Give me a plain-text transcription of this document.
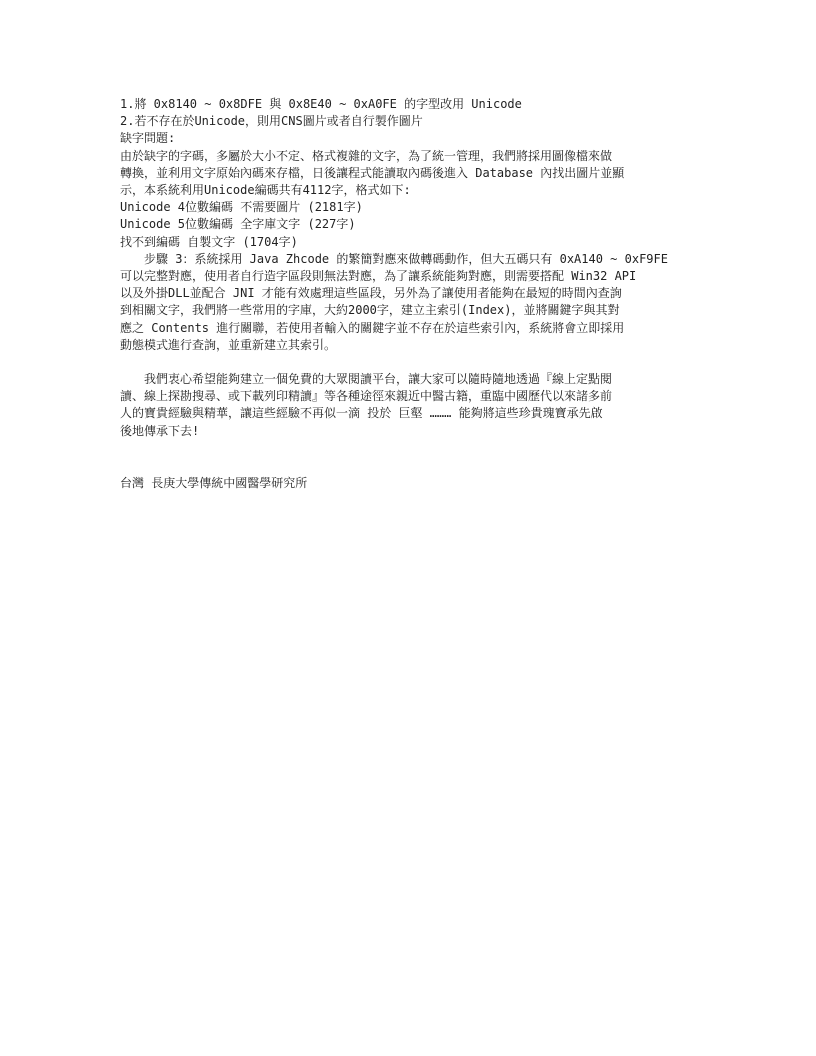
1.將 0x8140 ~ 0x8DFE 與 0x8E40 ~ 0xA0FE 的字型改用 Unicode
2.若不存在於Unicode，則用CNS圖片或者自行製作圖片
缺字問題:
由於缺字的字碼，多屬於大小不定、格式複雜的文字，為了統一管理，我們將採用圖像檔來做
轉換，並利用文字原始內碼來存檔，日後讓程式能讀取內碼後進入 Database 內找出圖片並顯
示，本系統利用Unicode編碼共有4112字，格式如下:
Unicode 4位數編碼 不需要圖片 (2181字)
Unicode 5位數編碼 全字庫文字 (227字)
找不到編碼 自製文字 (1704字)
　　步驟 3：系統採用 Java Zhcode 的繁簡對應來做轉碼動作，但大五碼只有 0xA140 ~ 0xF9FE
可以完整對應，使用者自行造字區段則無法對應，為了讓系統能夠對應，則需要搭配 Win32 API
以及外掛DLL並配合 JNI 才能有效處理這些區段，另外為了讓使用者能夠在最短的時間內查詢
到相關文字，我們將一些常用的字庫，大約2000字，建立主索引(Index)，並將關鍵字與其對
應之 Contents 進行關聯，若使用者輸入的關鍵字並不存在於這些索引內，系統將會立即採用
動態模式進行查詢，並重新建立其索引。
　　我們衷心希望能夠建立一個免費的大眾閱讀平台，讓大家可以隨時隨地透過『線上定點閱
讀、線上探勘搜尋、或下載列印精讀』等各種途徑來親近中醫古籍，重臨中國歷代以來諸多前
人的寶貴經驗與精華，讓這些經驗不再似一滴 投於 巨壑 ……… 能夠將這些珍貴瑰寶承先啟
後地傳承下去!
台灣 長庚大學傳統中國醫學研究所
